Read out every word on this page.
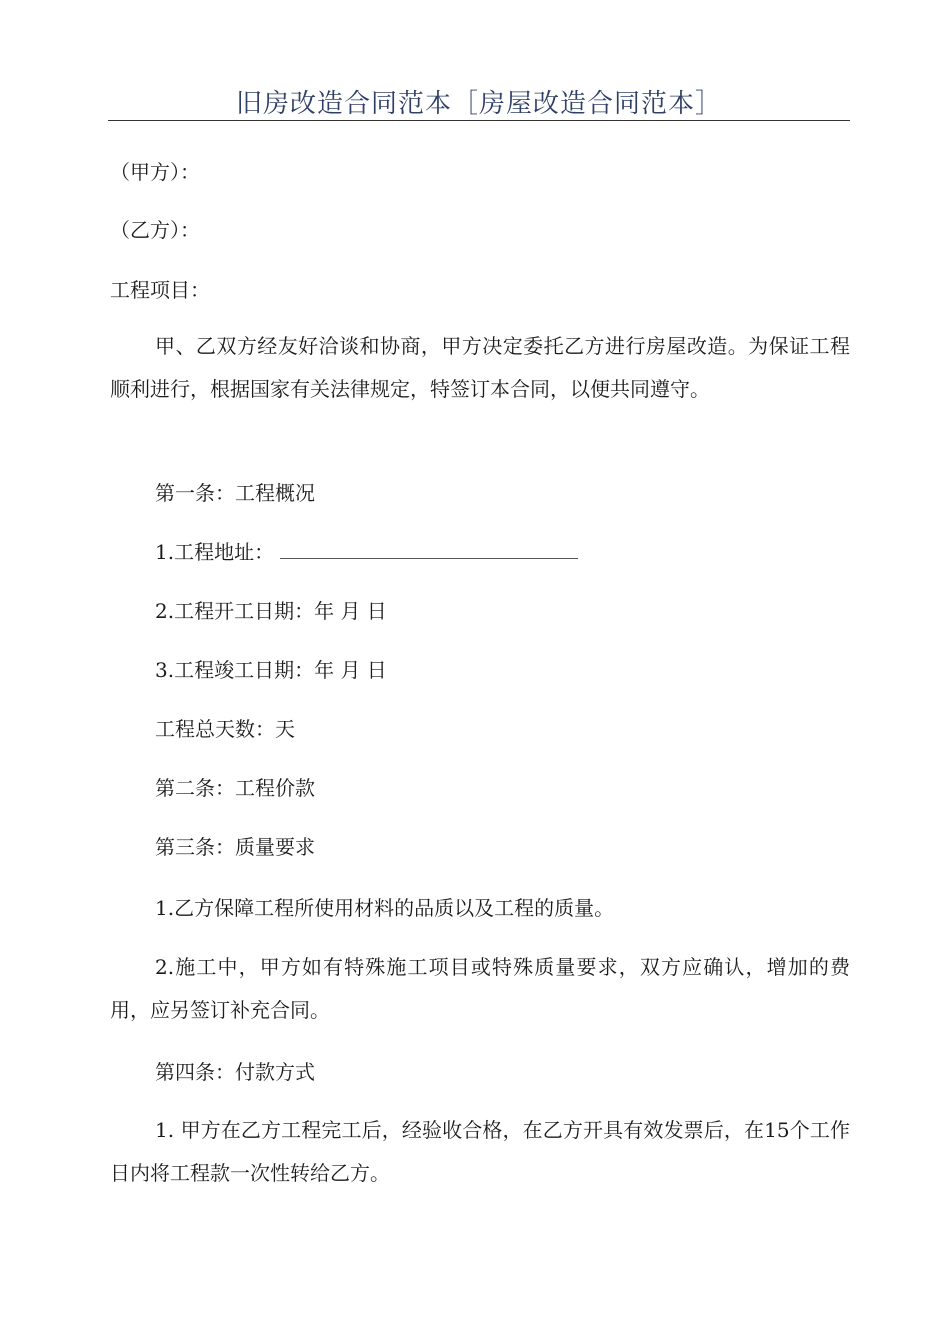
旧房改造合同范本［房屋改造合同范本］
（甲方）：
（乙方）：
工程项目：
甲、乙双方经友好洽谈和协商，甲方决定委托乙方进行房屋改造。为保证工程顺利进行，根据国家有关法律规定，特签订本合同，以便共同遵守。
第一条：工程概况
1.工程地址：
2.工程开工日期：年 月 日
3.工程竣工日期：年 月 日
工程总天数：天
第二条：工程价款
第三条：质量要求
1.乙方保障工程所使用材料的品质以及工程的质量。
2.施工中，甲方如有特殊施工项目或特殊质量要求，双方应确认，增加的费用，应另签订补充合同。
第四条：付款方式
1. 甲方在乙方工程完工后，经验收合格，在乙方开具有效发票后，在15个工作日内将工程款一次性转给乙方。
